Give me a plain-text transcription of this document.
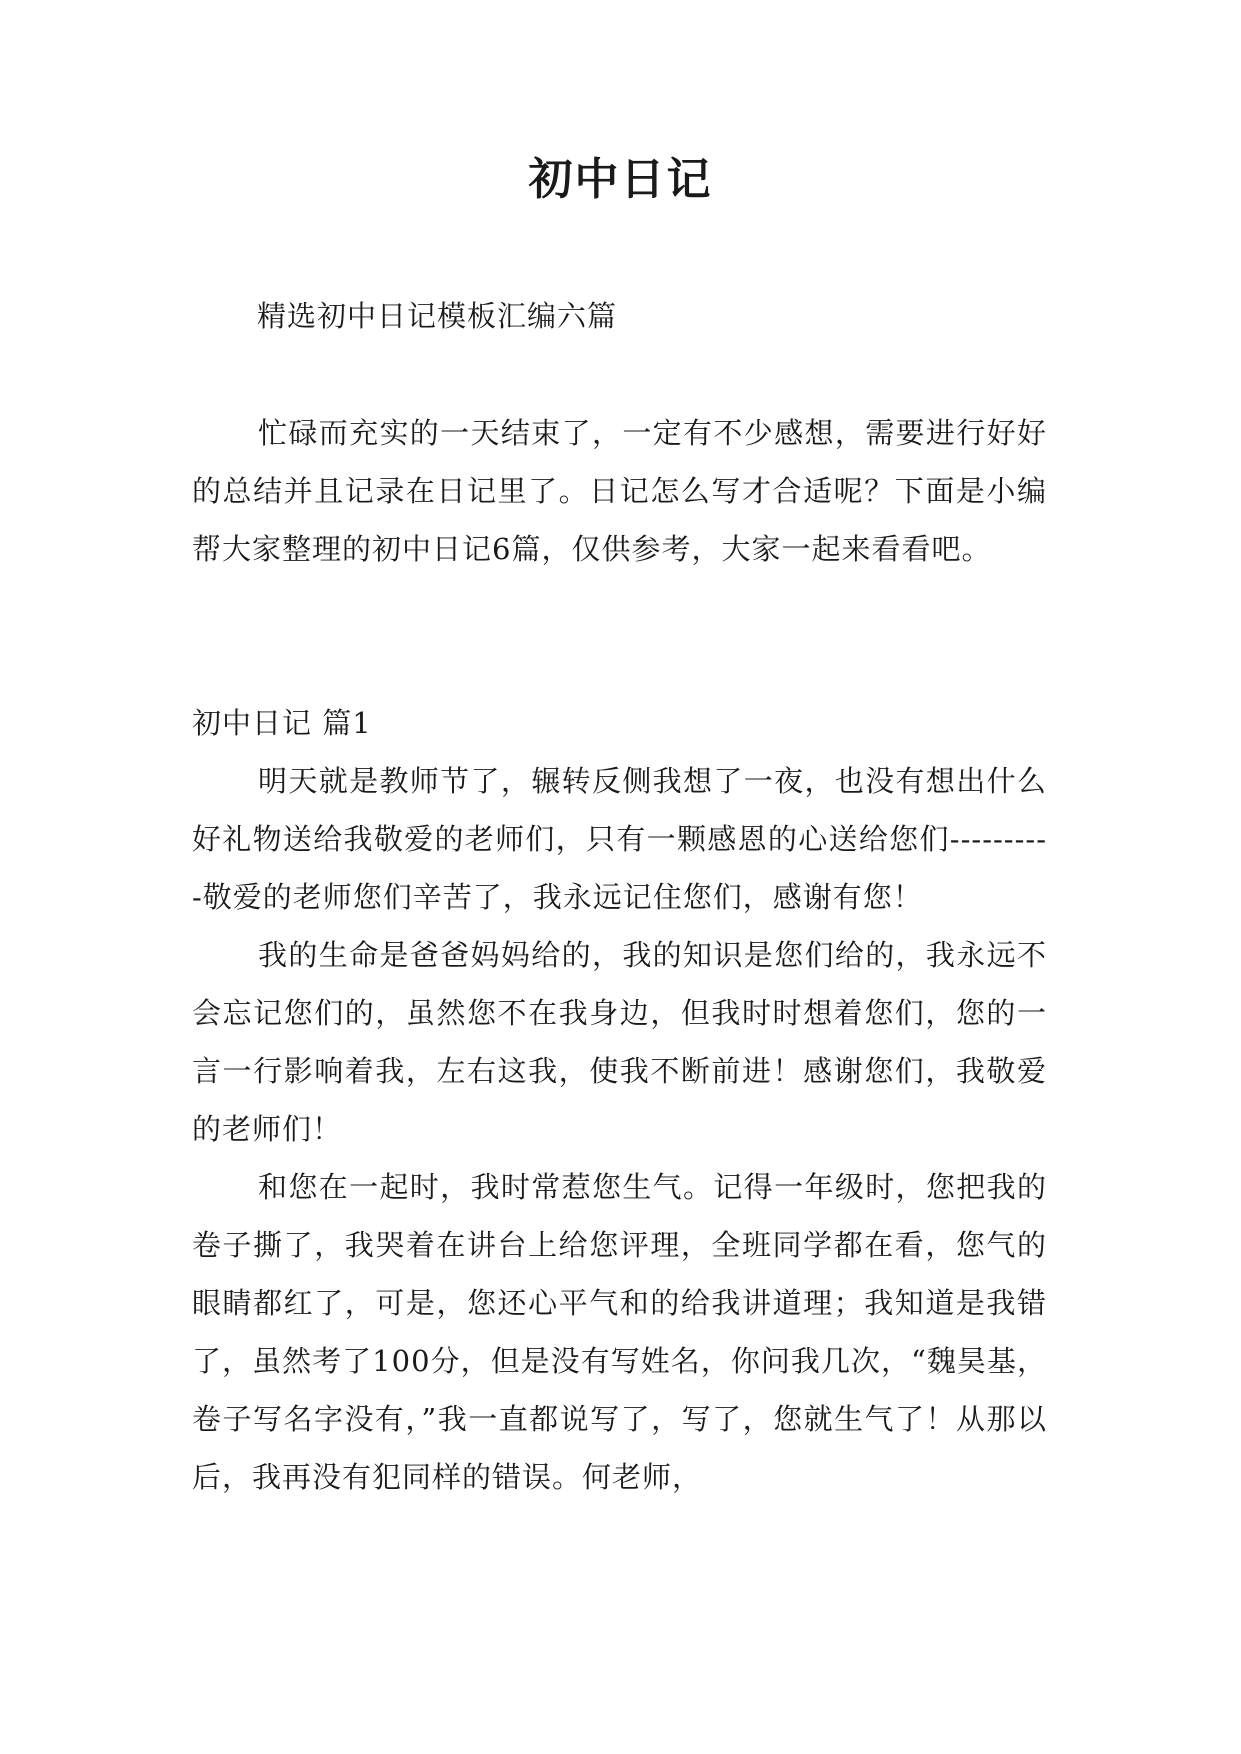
初中日记

精选初中日记模板汇编六篇

忙碌而充实的一天结束了，一定有不少感想，需要进行好好的总结并且记录在日记里了。日记怎么写才合适呢？下面是小编帮大家整理的初中日记6篇，仅供参考，大家一起来看看吧。

初中日记 篇1

明天就是教师节了，辗转反侧我想了一夜，也没有想出什么好礼物送给我敬爱的老师们，只有一颗感恩的心送给您们----------敬爱的老师您们辛苦了，我永远记住您们，感谢有您！

我的生命是爸爸妈妈给的，我的知识是您们给的，我永远不会忘记您们的，虽然您不在我身边，但我时时想着您们，您的一言一行影响着我，左右这我，使我不断前进！感谢您们，我敬爱的老师们！

和您在一起时，我时常惹您生气。记得一年级时，您把我的卷子撕了，我哭着在讲台上给您评理，全班同学都在看，您气的眼睛都红了，可是，您还心平气和的给我讲道理；我知道是我错了，虽然考了100分，但是没有写姓名，你问我几次，“魏昊基，卷子写名字没有，”我一直都说写了，写了，您就生气了！从那以后，我再没有犯同样的错误。何老师，
